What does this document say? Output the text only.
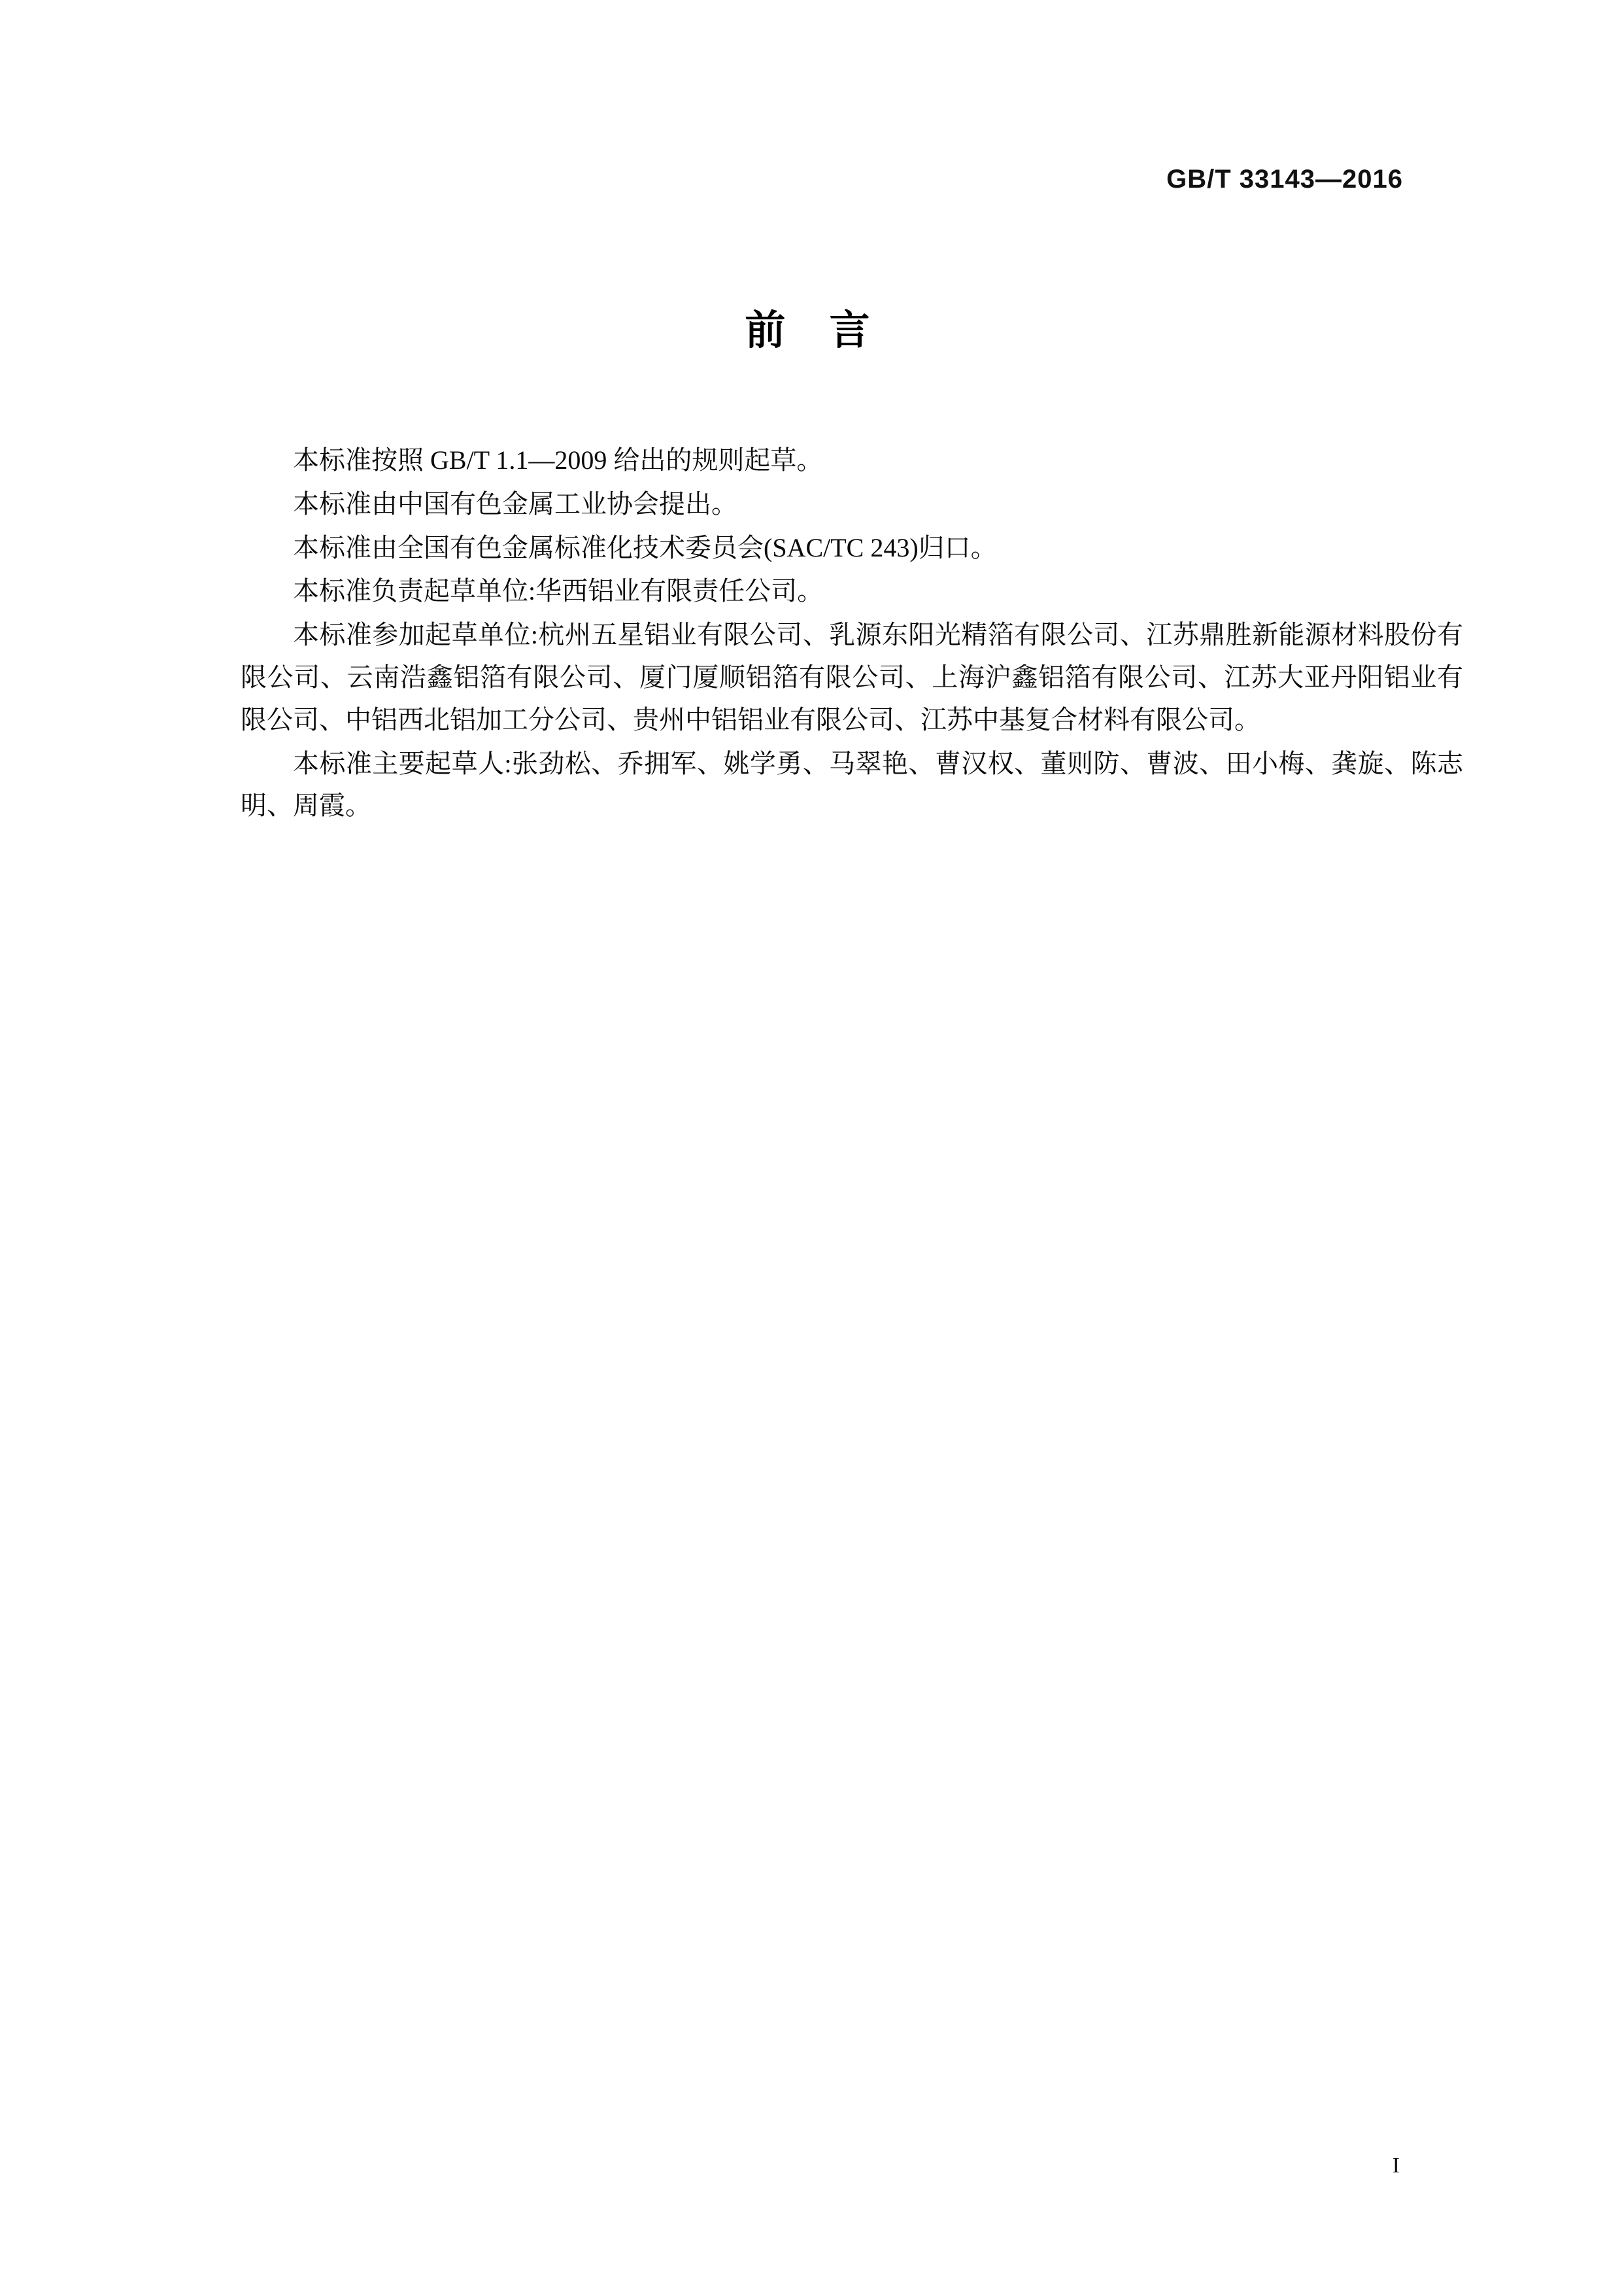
GB/T 33143—2016
前 言

本标准按照 GB/T 1.1—2009 给出的规则起草。

本标准由中国有色金属工业协会提出。

本标准由全国有色金属标准化技术委员会(SAC/TC 243)归口。

本标准负责起草单位:华西铝业有限责任公司。

本标准参加起草单位:杭州五星铝业有限公司、乳源东阳光精箔有限公司、江苏鼎胜新能源材料股份有限公司、云南浩鑫铝箔有限公司、厦门厦顺铝箔有限公司、上海沪鑫铝箔有限公司、江苏大亚丹阳铝业有限公司、中铝西北铝加工分公司、贵州中铝铝业有限公司、江苏中基复合材料有限公司。

本标准主要起草人:张劲松、乔拥军、姚学勇、马翠艳、曹汉权、董则防、曹波、田小梅、龚旋、陈志明、周霞。

I
